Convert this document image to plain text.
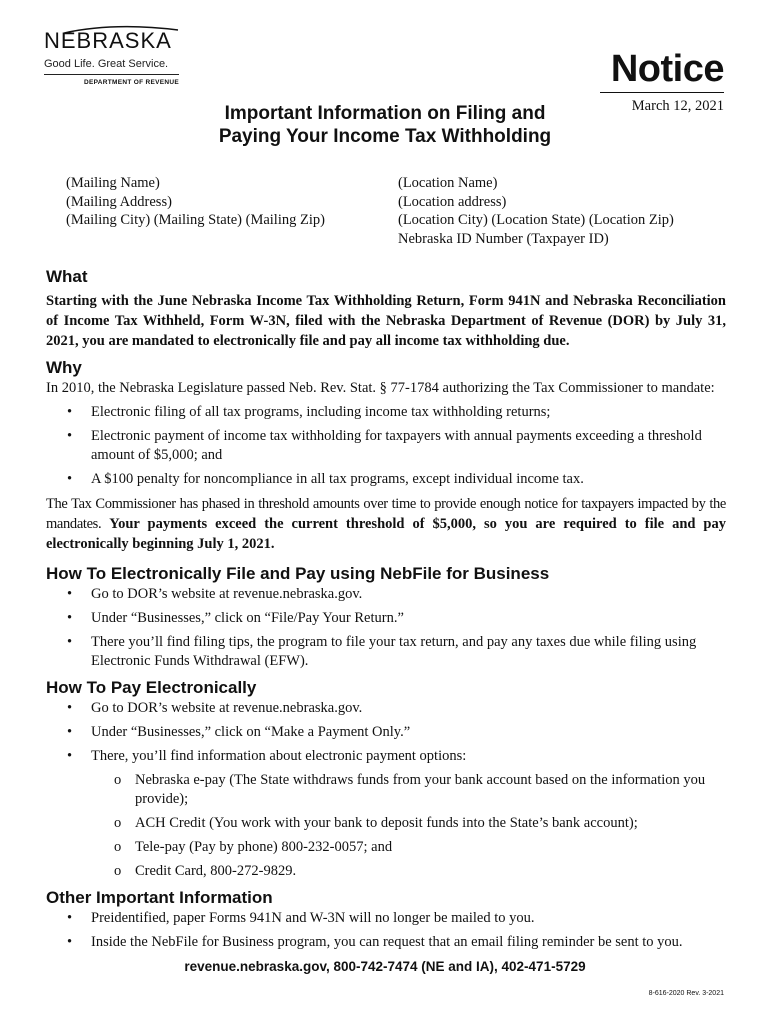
NEBRASKA
Good Life. Great Service.
DEPARTMENT OF REVENUE	Notice
March 12, 2021
Important Information on Filing and
Paying Your Income Tax Withholding
(Mailing Name)
(Mailing Address)
(Mailing City) (Mailing State) (Mailing Zip)
(Location Name)
(Location address)
(Location City) (Location State) (Location Zip)
Nebraska ID Number (Taxpayer ID)
What

Starting with the June Nebraska Income Tax Withholding Return, Form 941N and Nebraska Reconciliation of Income Tax Withheld, Form W-3N, filed with the Nebraska Department of Revenue (DOR) by July 31, 2021, you are mandated to electronically file and pay all income tax withholding due.

Why

In 2010, the Nebraska Legislature passed Neb. Rev. Stat. § 77-1784 authorizing the Tax Commissioner to mandate:

• Electronic filing of all tax programs, including income tax withholding returns;
• Electronic payment of income tax withholding for taxpayers with annual payments exceeding a threshold amount of $5,000; and
• A $100 penalty for noncompliance in all tax programs, except individual income tax.

The Tax Commissioner has phased in threshold amounts over time to provide enough notice for taxpayers impacted by the mandates. Your payments exceed the current threshold of $5,000, so you are required to file and pay electronically beginning July 1, 2021.

How To Electronically File and Pay using NebFile for Business
• Go to DOR’s website at revenue.nebraska.gov.
• Under “Businesses,” click on “File/Pay Your Return.”
• There you’ll find filing tips, the program to file your tax return, and pay any taxes due while filing using Electronic Funds Withdrawal (EFW).
How To Pay Electronically
• Go to DOR’s website at revenue.nebraska.gov.
• Under “Businesses,” click on “Make a Payment Only.”
• There, you’ll find information about electronic payment options:
o Nebraska e-pay (The State withdraws funds from your bank account based on the information you provide);
o ACH Credit (You work with your bank to deposit funds into the State’s bank account);
o Tele-pay (Pay by phone) 800-232-0057; and
o Credit Card, 800-272-9829.
Other Important Information
• Preidentified, paper Forms 941N and W-3N will no longer be mailed to you.
• Inside the NebFile for Business program, you can request that an email filing reminder be sent to you.
revenue.nebraska.gov, 800-742-7474 (NE and IA), 402-471-5729
8-616-2020 Rev. 3-2021
